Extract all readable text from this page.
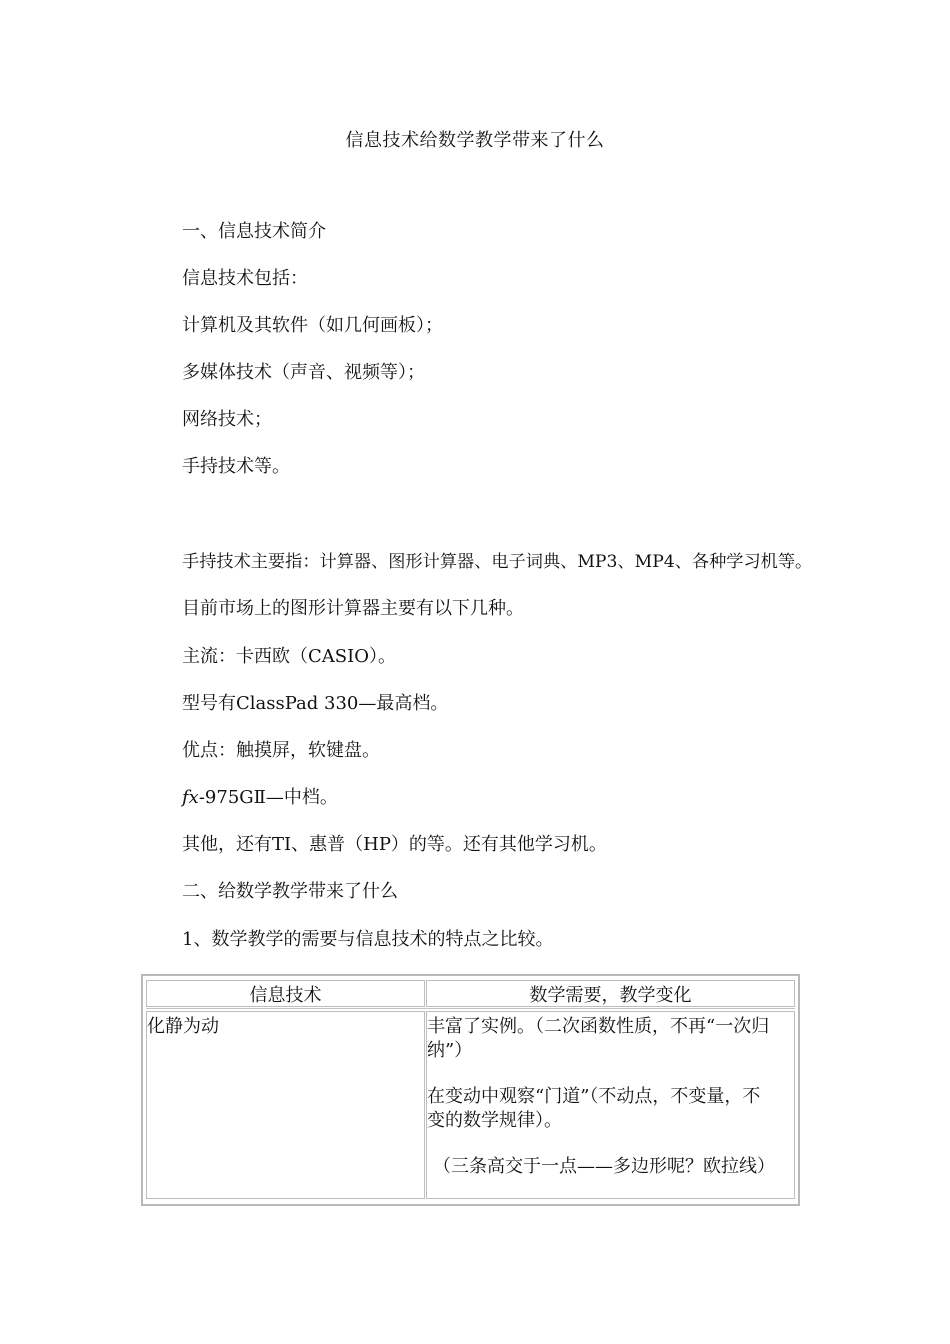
信息技术给数学教学带来了什么
一、信息技术简介
信息技术包括：
计算机及其软件（如几何画板）；
多媒体技术（声音、视频等）；
网络技术；
手持技术等。
手持技术主要指：计算器、图形计算器、电子词典、MP3、MP4、各种学习机等。
目前市场上的图形计算器主要有以下几种。
主流：卡西欧（CASIO）。
型号有ClassPad 330—最高档。
优点：触摸屏，软键盘。
fx-975GⅡ—中档。
其他，还有TI、惠普（HP）的等。还有其他学习机。
二、给数学教学带来了什么
1、数学教学的需要与信息技术的特点之比较。
信息技术	数学需要，教学变化
化静为动	丰富了实例。（二次函数性质，不再“一次归
纳”）
在变动中观察“门道”（不动点，不变量，不
变的数学规律）。
（三条高交于一点——多边形呢？欧拉线）
